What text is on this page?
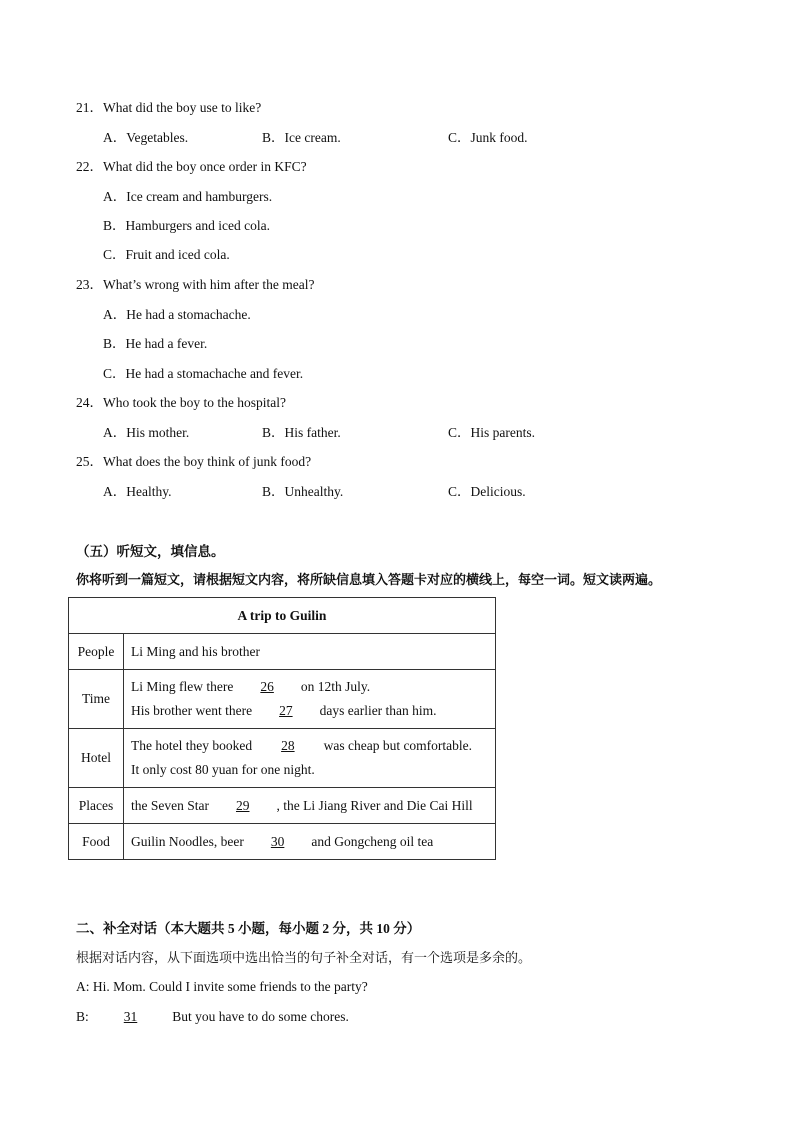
21．What did the boy use to like?
A．Vegetables.	B．Ice cream.	C．Junk food.
22．What did the boy once order in KFC?
A．Ice cream and hamburgers.
B．Hamburgers and iced cola.
C．Fruit and iced cola.
23．What’s wrong with him after the meal?
A．He had a stomachache.
B．He had a fever.
C．He had a stomachache and fever.
24．Who took the boy to the hospital?
A．His mother.	B．His father.	C．His parents.
25．What does the boy think of junk food?
A．Healthy.	B．Unhealthy.	C．Delicious.
（五）听短文，填信息。
你将听到一篇短文，请根据短文内容，将所缺信息填入答题卡对应的横线上，每空一词。短文读两遍。
A trip to Guilin	
People	Li Ming and his brother
Time	Li Ming flew there 26 on 12th July.
His brother went there 27 days earlier than him.

Hotel	The hotel they booked 28 was cheap but comfortable.
It only cost 80 yuan for one night.

Places	the Seven Star 29 , the Li Jiang River and Die Cai Hill
Food	Guilin Noodles, beer 30 and Gongcheng oil tea
二、补全对话（本大题共 5 小题，每小题 2 分，共 10 分）
根据对话内容，从下面选项中选出恰当的句子补全对话，有一个选项是多余的。
A: Hi. Mom. Could I invite some friends to the party?
B:	31	But you have to do some chores.
